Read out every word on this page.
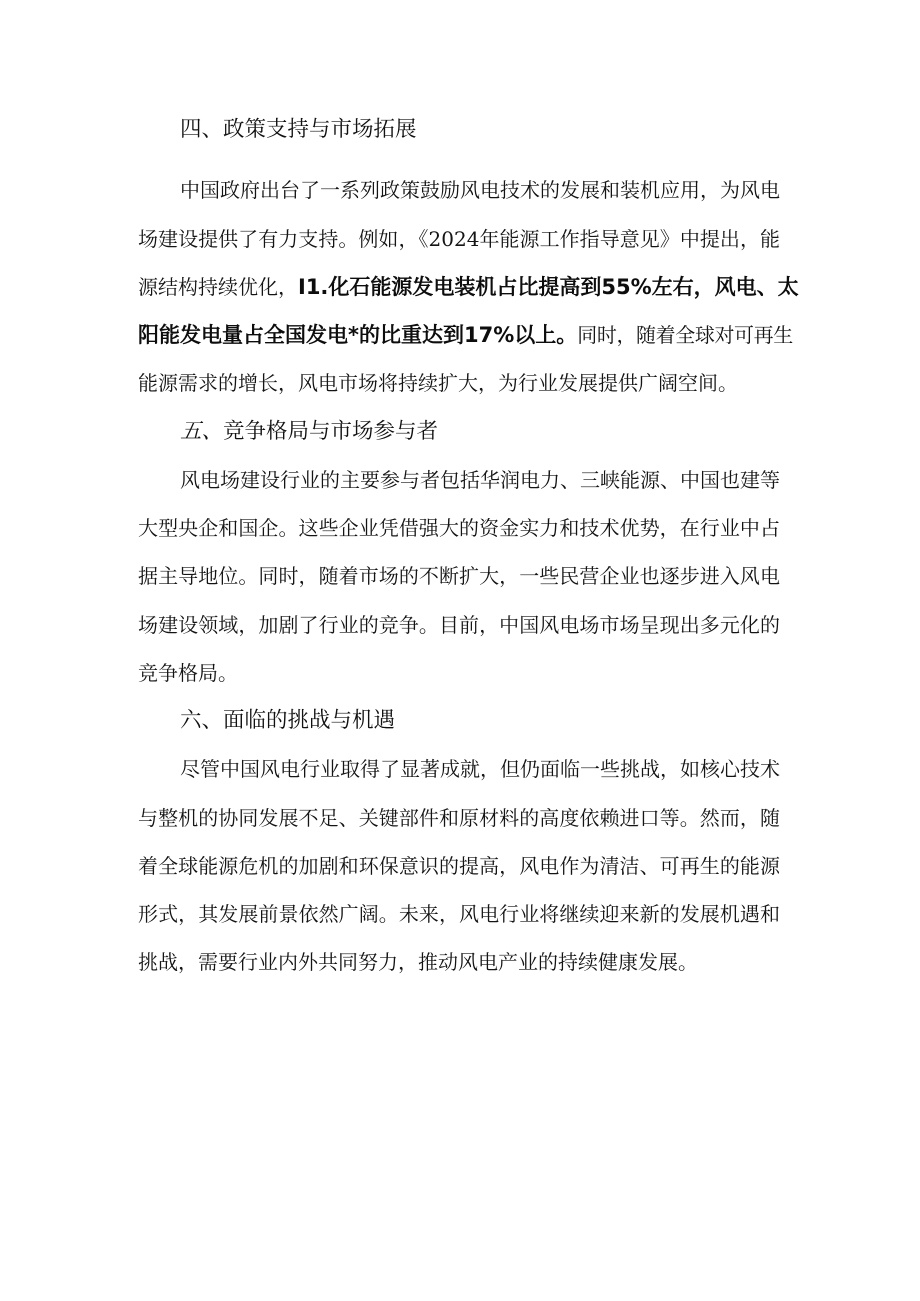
四、政策支持与市场拓展
中国政府出台了一系列政策鼓励风电技术的发展和装机应用，为风电
场建设提供了有力支持。例如，《2024年能源工作指导意见》中提出，能
源结构持续优化，I1.化石能源发电装机占比提高到55%左右，风电、太
阳能发电量占全国发电*的比重达到17%以上。同时，随着全球对可再生
能源需求的增长，风电市场将持续扩大，为行业发展提供广阔空间。
五、竞争格局与市场参与者
风电场建设行业的主要参与者包括华润电力、三峡能源、中国也建等
大型央企和国企。这些企业凭借强大的资金实力和技术优势，在行业中占
据主导地位。同时，随着市场的不断扩大，一些民营企业也逐步进入风电
场建设领域，加剧了行业的竞争。目前，中国风电场市场呈现出多元化的
竞争格局。
六、面临的挑战与机遇
尽管中国风电行业取得了显著成就，但仍面临一些挑战，如核心技术
与整机的协同发展不足、关键部件和原材料的高度依赖进口等。然而，随
着全球能源危机的加剧和环保意识的提高，风电作为清洁、可再生的能源
形式，其发展前景依然广阔。未来，风电行业将继续迎来新的发展机遇和
挑战，需要行业内外共同努力，推动风电产业的持续健康发展。
